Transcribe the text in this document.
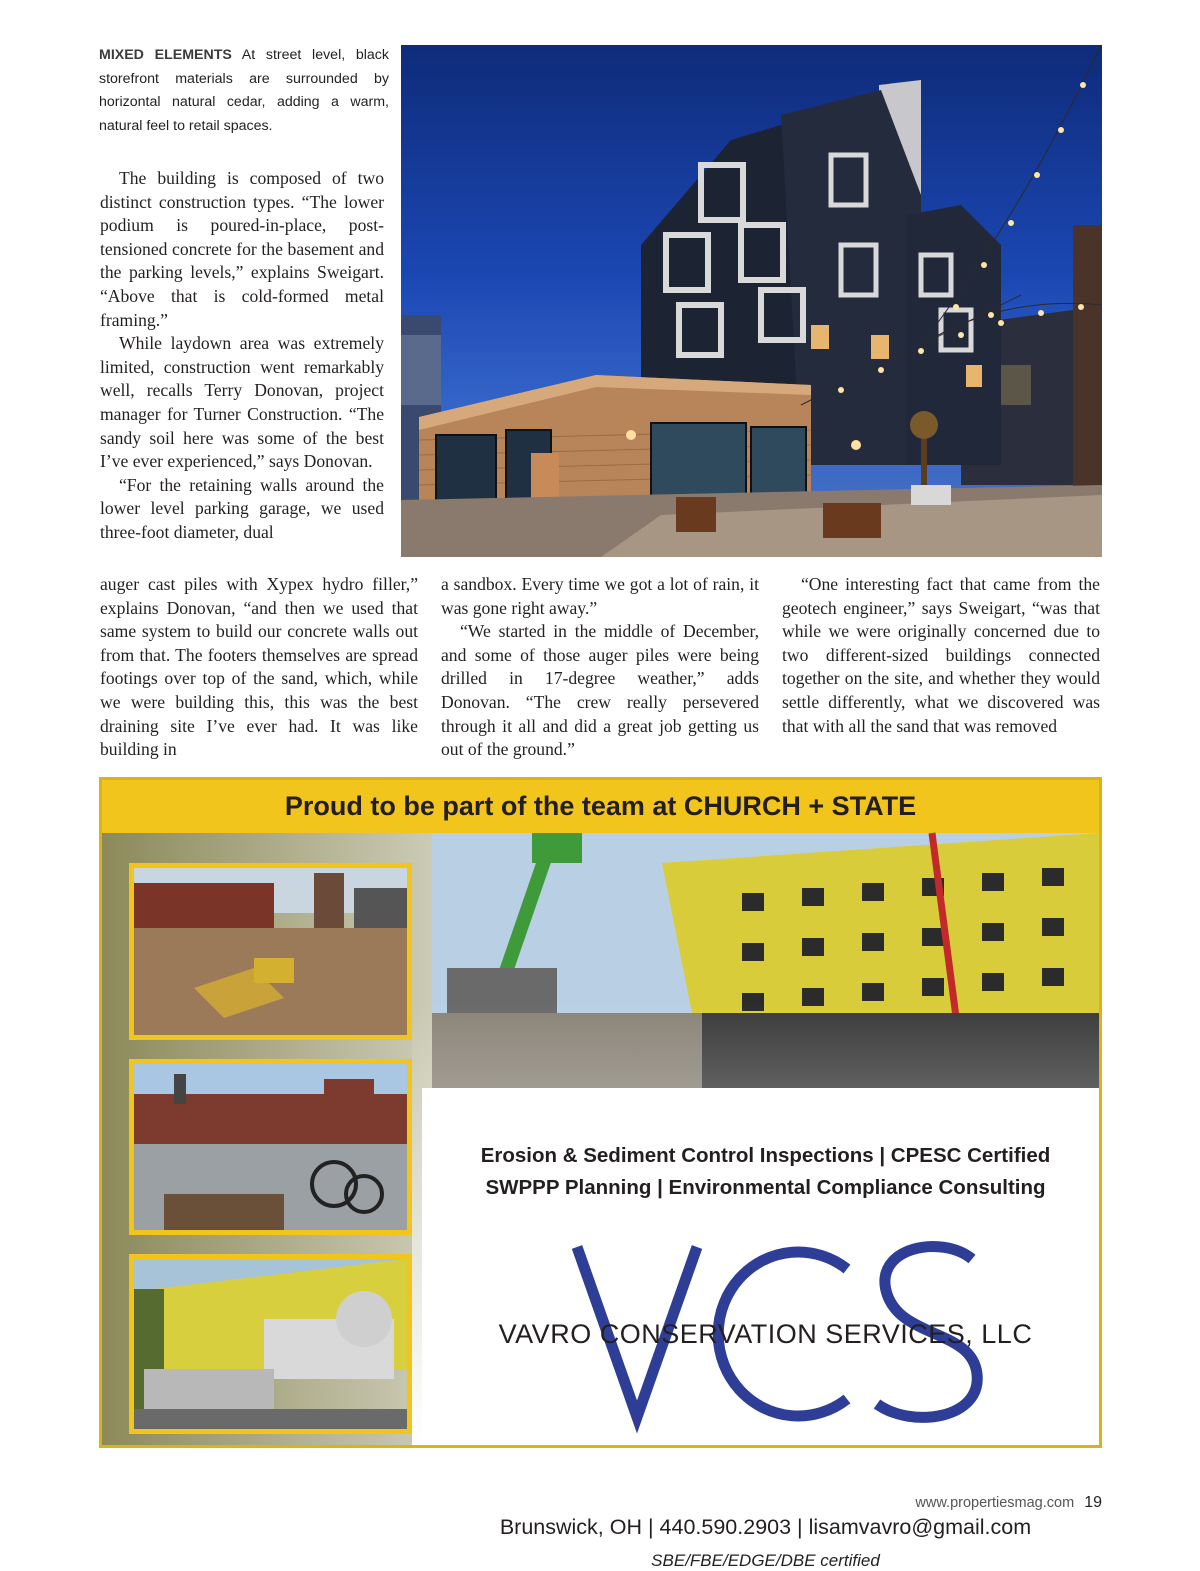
MIXED ELEMENTS At street level, black storefront materials are surrounded by horizontal natural cedar, adding a warm, natural feel to retail spaces.

The building is composed of two distinct construction types. “The lower podium is poured-in-place, post-tensioned concrete for the basement and the parking levels,” explains Sweigart. “Above that is cold-formed metal framing.”

While laydown area was extremely limited, construction went remarkably well, recalls Terry Donovan, project manager for Turner Construction. “The sandy soil here was some of the best I’ve ever experienced,” says Donovan.

“For the retaining walls around the lower level parking garage, we used three-foot diameter, dual

auger cast piles with Xypex hydro filler,” explains Donovan, “and then we used that same system to build our concrete walls out from that. The footers themselves are spread footings over top of the sand, which, while we were building this, this was the best draining site I’ve ever had. It was like building in

a sandbox. Every time we got a lot of rain, it was gone right away.”

“We started in the middle of December, and some of those auger piles were being drilled in 17-degree weather,” adds Donovan. “The crew really persevered through it all and did a great job getting us out of the ground.”

“One interesting fact that came from the geotech engineer,” says Sweigart, “was that while we were originally concerned due to two different-sized buildings connected together on the site, and whether they would settle differently, what we discovered was that with all the sand that was removed

Proud to be part of the team at CHURCH + STATE
Erosion & Sediment Control Inspections | CPESC Certified
SWPPP Planning | Environmental Compliance Consulting
VAVRO CONSERVATION SERVICES, LLC
Brunswick, OH | 440.590.2903 | lisamvavro@gmail.com
SBE/FBE/EDGE/DBE certified
www.propertiesmag.com 19
